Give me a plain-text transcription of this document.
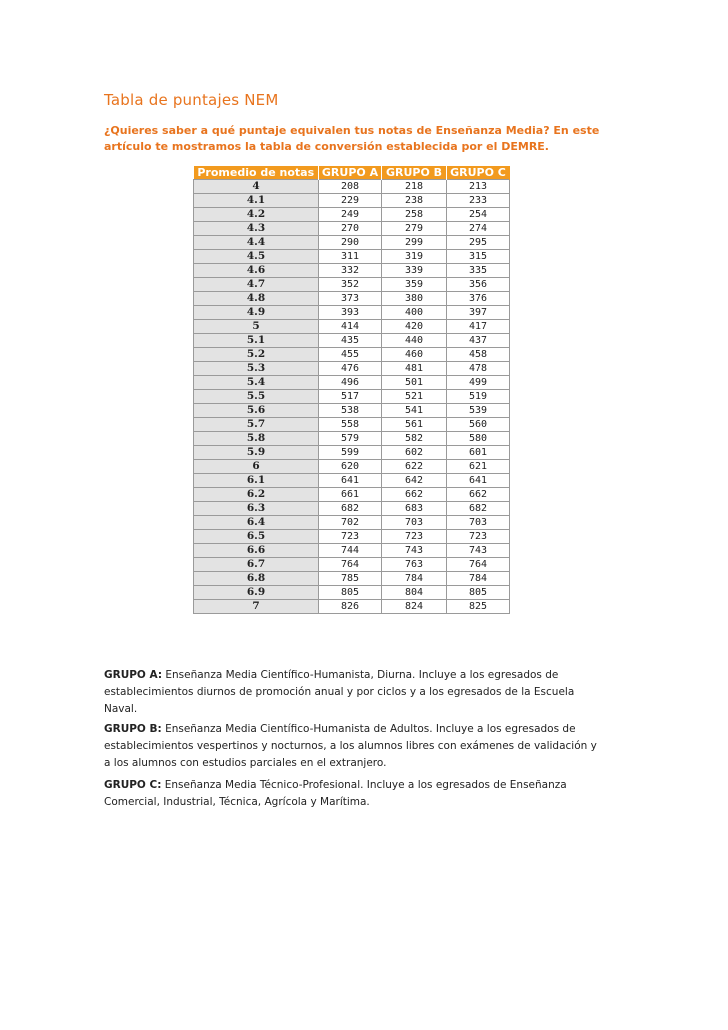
Tabla de puntajes NEM
¿Quieres saber a qué puntaje equivalen tus notas de Enseñanza Media? En este artículo te mostramos la tabla de conversión establecida por el DEMRE.
Promedio de notas	GRUPO A	GRUPO B	GRUPO C
4	208	218	213
4.1	229	238	233
4.2	249	258	254
4.3	270	279	274
4.4	290	299	295
4.5	311	319	315
4.6	332	339	335
4.7	352	359	356
4.8	373	380	376
4.9	393	400	397
5	414	420	417
5.1	435	440	437
5.2	455	460	458
5.3	476	481	478
5.4	496	501	499
5.5	517	521	519
5.6	538	541	539
5.7	558	561	560
5.8	579	582	580
5.9	599	602	601
6	620	622	621
6.1	641	642	641
6.2	661	662	662
6.3	682	683	682
6.4	702	703	703
6.5	723	723	723
6.6	744	743	743
6.7	764	763	764
6.8	785	784	784
6.9	805	804	805
7	826	824	825
GRUPO A: Enseñanza Media Científico-Humanista, Diurna. Incluye a los egresados de establecimientos diurnos de promoción anual y por ciclos y a los egresados de la Escuela Naval.
GRUPO B: Enseñanza Media Científico-Humanista de Adultos. Incluye a los egresados de establecimientos vespertinos y nocturnos, a los alumnos libres con exámenes de validación y a los alumnos con estudios parciales en el extranjero.
GRUPO C: Enseñanza Media Técnico-Profesional. Incluye a los egresados de Enseñanza Comercial, Industrial, Técnica, Agrícola y Marítima.
